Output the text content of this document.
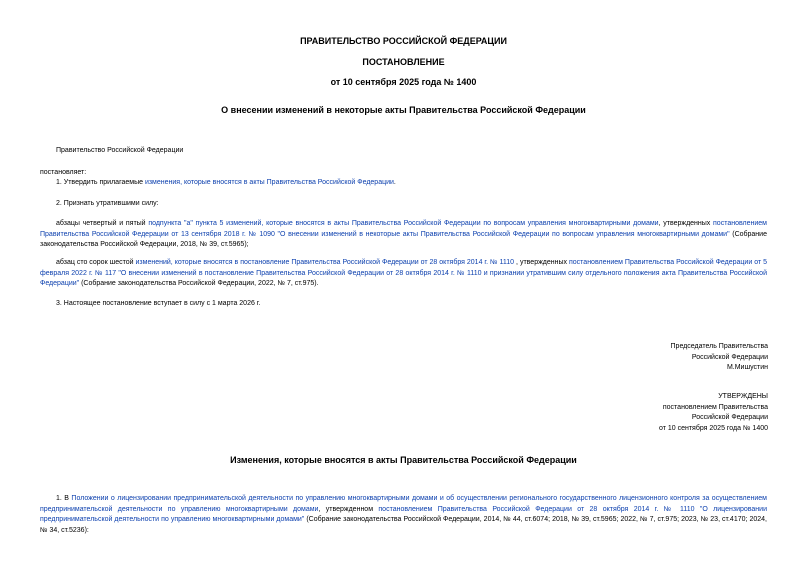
ПРАВИТЕЛЬСТВО РОССИЙСКОЙ ФЕДЕРАЦИИ
ПОСТАНОВЛЕНИЕ
от 10 сентября 2025 года № 1400
О внесении изменений в некоторые акты Правительства Российской Федерации
Правительство Российской Федерации
постановляет:
1. Утвердить прилагаемые изменения, которые вносятся в акты Правительства Российской Федерации.
2. Признать утратившими силу:
абзацы четвертый и пятый подпункта "а" пункта 5 изменений, которые вносятся в акты Правительства Российской Федерации по вопросам управления многоквартирными домами, утвержденных постановлением Правительства Российской Федерации от 13 сентября 2018 г. № 1090 "О внесении изменений в некоторые акты Правительства Российской Федерации по вопросам управления многоквартирными домами" (Собрание законодательства Российской Федерации, 2018, № 39, ст.5965);
абзац сто сорок шестой изменений, которые вносятся в постановление Правительства Российской Федерации от 28 октября 2014 г. № 1110 , утвержденных постановлением Правительства Российской Федерации от 5 февраля 2022 г. № 117 "О внесении изменений в постановление Правительства Российской Федерации от 28 октября 2014 г. № 1110 и признании утратившим силу отдельного положения акта Правительства Российской Федерации" (Собрание законодательства Российской Федерации, 2022, № 7, ст.975).
3. Настоящее постановление вступает в силу с 1 марта 2026 г.
Председатель Правительства
Российской Федерации
М.Мишустин
УТВЕРЖДЕНЫ
постановлением Правительства
Российской Федерации
от 10 сентября 2025 года № 1400
Изменения, которые вносятся в акты Правительства Российской Федерации
1. В Положении о лицензировании предпринимательской деятельности по управлению многоквартирными домами и об осуществлении регионального государственного лицензионного контроля за осуществлением предпринимательской деятельности по управлению многоквартирными домами, утвержденном постановлением Правительства Российской Федерации от 28 октября 2014 г. № 1110 "О лицензировании предпринимательской деятельности по управлению многоквартирными домами" (Собрание законодательства Российской Федерации, 2014, № 44, ст.6074; 2018, № 39, ст.5965; 2022, № 7, ст.975; 2023, № 23, ст.4170; 2024, № 34, ст.5236):
